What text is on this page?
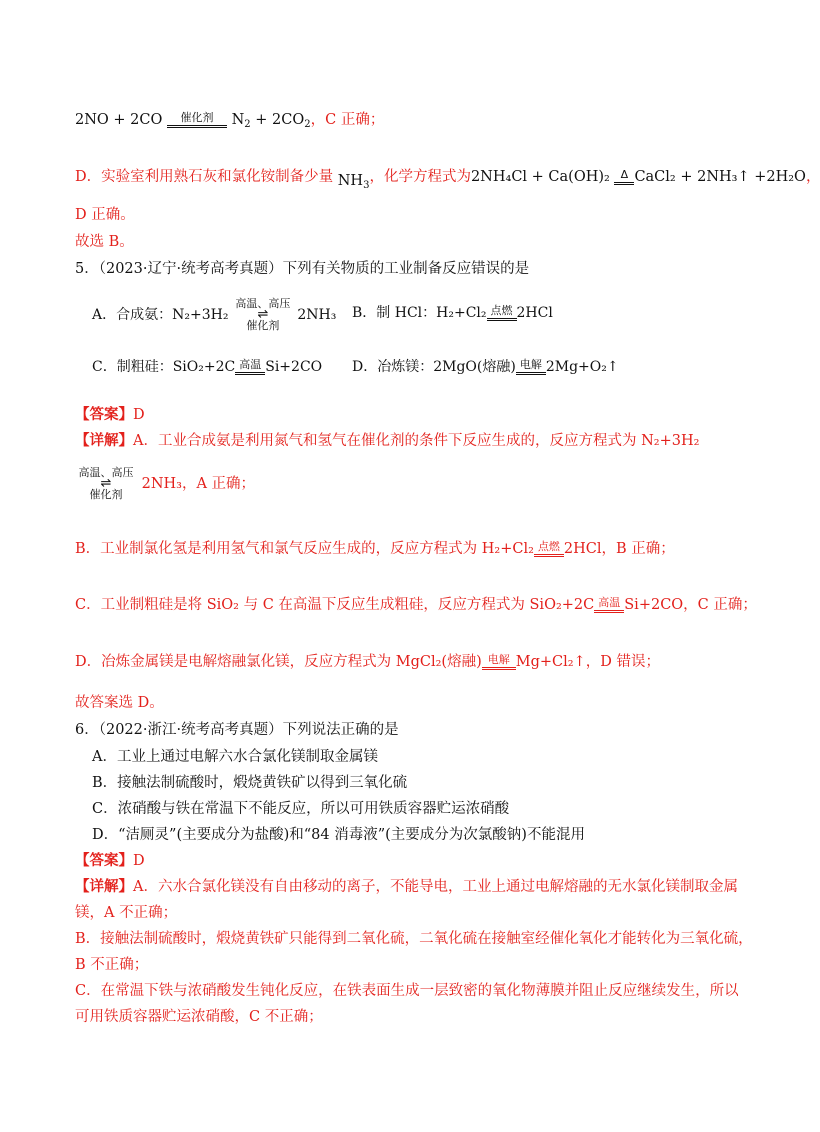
2NO + 2CO	催化剂	$N_2 + 2CO_2$，C 正确；
D．实验室利用熟石灰和氯化铵制备少量 $NH_3$，化学方程式为2NH₄Cl + Ca(OH)₂ Δ CaCl₂ + 2NH₃↑ +2H₂O，
D 正确。
故选 B。
5．（2023·辽宁·统考高考真题）下列有关物质的工业制备反应错误的是
A．合成氨：N₂+3H₂
高温、高压
⇌
催化剂
2NH₃ B．制 HCl：H₂+Cl₂ 点燃 2HCl
C．制粗硅：SiO₂+2C 高温 Si+2CO D．冶炼镁：2MgO(熔融) 电解 2Mg+O₂↑
【答案】D
【详解】A．工业合成氨是利用氮气和氢气在催化剂的条件下反应生成的，反应方程式为 N₂+3H₂
高温、高压
⇌
催化剂
2NH₃，A 正确；
B．工业制氯化氢是利用氢气和氯气反应生成的，反应方程式为 H₂+Cl₂ 点燃 2HCl，B 正确；
C．工业制粗硅是将 SiO₂ 与 C 在高温下反应生成粗硅，反应方程式为 SiO₂+2C 高温 Si+2CO，C 正确；
D．冶炼金属镁是电解熔融氯化镁，反应方程式为 MgCl₂(熔融) 电解 Mg+Cl₂↑，D 错误；
故答案选 D。
6．（2022·浙江·统考高考真题）下列说法正确的是
A．工业上通过电解六水合氯化镁制取金属镁
B．接触法制硫酸时，煅烧黄铁矿以得到三氧化硫
C．浓硝酸与铁在常温下不能反应，所以可用铁质容器贮运浓硝酸
D．“洁厕灵”(主要成分为盐酸)和“84 消毒液”(主要成分为次氯酸钠)不能混用
【答案】D
【详解】A．六水合氯化镁没有自由移动的离子，不能导电，工业上通过电解熔融的无水氯化镁制取金属
镁，A 不正确；
B．接触法制硫酸时，煅烧黄铁矿只能得到二氧化硫，二氧化硫在接触室经催化氧化才能转化为三氧化硫，
B 不正确；
C．在常温下铁与浓硝酸发生钝化反应，在铁表面生成一层致密的氧化物薄膜并阻止反应继续发生，所以
可用铁质容器贮运浓硝酸，C 不正确；
